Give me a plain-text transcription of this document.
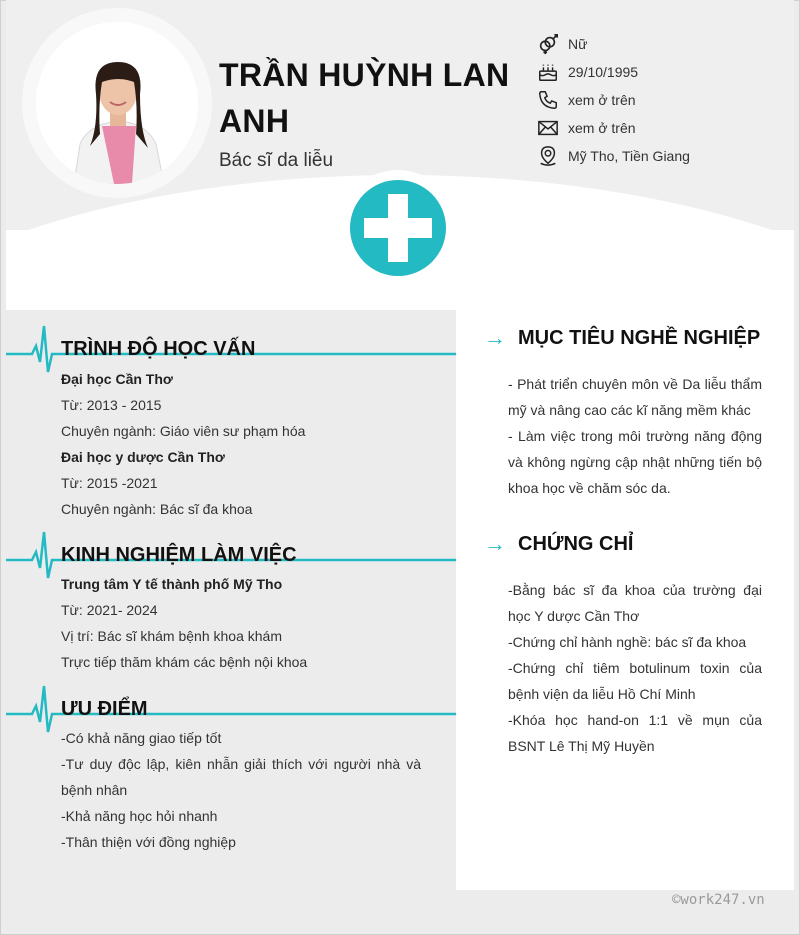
TRẦN HUỲNH LAN ANH
Bác sĩ da liễu
Nữ
29/10/1995
xem ở trên
xem ở trên
Mỹ Tho, Tiền Giang
TRÌNH ĐỘ HỌC VẤN
Đại học Cần Thơ
Từ: 2013 - 2015
Chuyên ngành: Giáo viên sư phạm hóa
Đai học y dược Cần Thơ
Từ: 2015 -2021
Chuyên ngành: Bác sĩ đa khoa
KINH NGHIỆM LÀM VIỆC
Trung tâm Y tế thành phố Mỹ Tho
Từ: 2021- 2024
Vị trí: Bác sĩ khám bệnh khoa khám
Trực tiếp thăm khám các bệnh nội khoa
ƯU ĐIỂM
-Có khả năng giao tiếp tốt
-Tư duy độc lập, kiên nhẫn giải thích với người nhà và bệnh nhân
-Khả năng học hỏi nhanh
-Thân thiện với đồng nghiệp
→ MỤC TIÊU NGHỀ NGHIỆP
- Phát triển chuyên môn về Da liễu thẩm mỹ và nâng cao các kĩ năng mềm khác
- Làm việc trong môi trường năng động và không ngừng cập nhật những tiến bộ khoa học về chăm sóc da.
→ CHỨNG CHỈ
-Bằng bác sĩ đa khoa của trường đại học Y dược Cần Thơ
-Chứng chỉ hành nghề: bác sĩ đa khoa
-Chứng chỉ tiêm botulinum toxin của bệnh viện da liễu Hồ Chí Minh
-Khóa học hand-on 1:1 về mụn của BSNT Lê Thị Mỹ Huyền
©work247.vn
